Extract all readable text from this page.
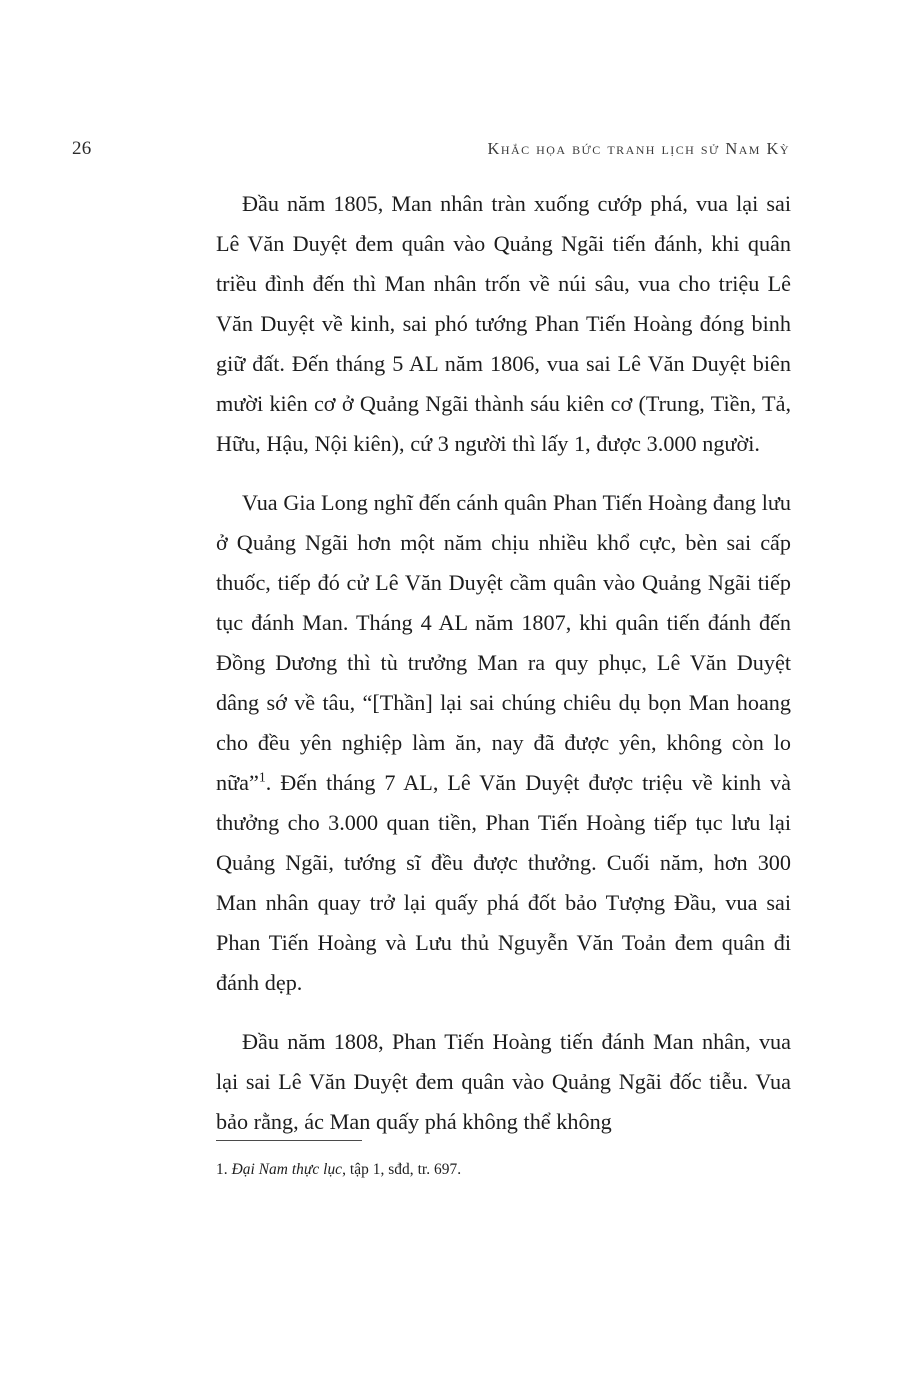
26	Khắc họa bức tranh lịch sử Nam Kỳ

Đầu năm 1805, Man nhân tràn xuống cướp phá, vua lại sai Lê Văn Duyệt đem quân vào Quảng Ngãi tiến đánh, khi quân triều đình đến thì Man nhân trốn về núi sâu, vua cho triệu Lê Văn Duyệt về kinh, sai phó tướng Phan Tiến Hoàng đóng binh giữ đất. Đến tháng 5 AL năm 1806, vua sai Lê Văn Duyệt biên mười kiên cơ ở Quảng Ngãi thành sáu kiên cơ (Trung, Tiền, Tả, Hữu, Hậu, Nội kiên), cứ 3 người thì lấy 1, được 3.000 người.

Vua Gia Long nghĩ đến cánh quân Phan Tiến Hoàng đang lưu ở Quảng Ngãi hơn một năm chịu nhiều khổ cực, bèn sai cấp thuốc, tiếp đó cử Lê Văn Duyệt cầm quân vào Quảng Ngãi tiếp tục đánh Man. Tháng 4 AL năm 1807, khi quân tiến đánh đến Đồng Dương thì tù trưởng Man ra quy phục, Lê Văn Duyệt dâng sớ về tâu, “[Thần] lại sai chúng chiêu dụ bọn Man hoang cho đều yên nghiệp làm ăn, nay đã được yên, không còn lo nữa”$^1$. Đến tháng 7 AL, Lê Văn Duyệt được triệu về kinh và thưởng cho 3.000 quan tiền, Phan Tiến Hoàng tiếp tục lưu lại Quảng Ngãi, tướng sĩ đều được thưởng. Cuối năm, hơn 300 Man nhân quay trở lại quấy phá đốt bảo Tượng Đầu, vua sai Phan Tiến Hoàng và Lưu thủ Nguyễn Văn Toản đem quân đi đánh dẹp.

Đầu năm 1808, Phan Tiến Hoàng tiến đánh Man nhân, vua lại sai Lê Văn Duyệt đem quân vào Quảng Ngãi đốc tiễu. Vua bảo rằng, ác Man quấy phá không thể không

1. Đại Nam thực lục, tập 1, sđd, tr. 697.
